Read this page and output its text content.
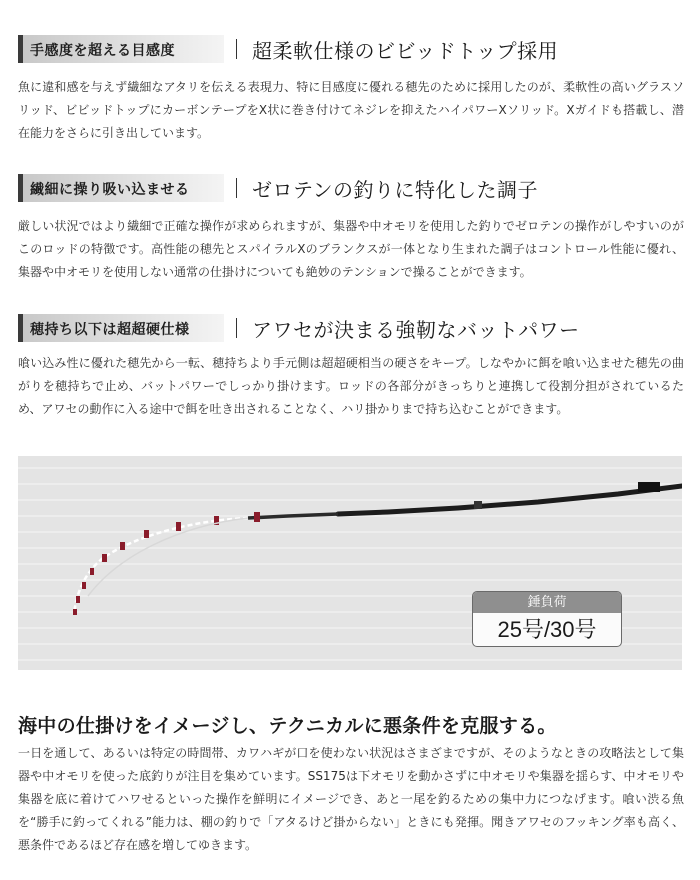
手感度を超える目感度	超柔軟仕様のビビッドトップ採用

魚に違和感を与えず繊細なアタリを伝える表現力、特に目感度に優れる穂先のために採用したのが、柔軟性の高いグラスソリッド、ビビッドトップにカーボンテープをX状に巻き付けてネジレを抑えたハイパワーXソリッド。Xガイドも搭載し、潜在能力をさらに引き出しています。

繊細に操り吸い込ませる	ゼロテンの釣りに特化した調子

厳しい状況ではより繊細で正確な操作が求められますが、集器や中オモリを使用した釣りでゼロテンの操作がしやすいのがこのロッドの特徴です。高性能の穂先とスパイラルXのブランクスが一体となり生まれた調子はコントロール性能に優れ、集器や中オモリを使用しない通常の仕掛けについても絶妙のテンションで操ることができます。

穂持ち以下は超超硬仕様	アワセが決まる強靭なバットパワー

喰い込み性に優れた穂先から一転、穂持ちより手元側は超超硬相当の硬さをキープ。しなやかに餌を喰い込ませた穂先の曲がりを穂持ちで止め、バットパワーでしっかり掛けます。ロッドの各部分がきっちりと連携して役割分担がされているため、アワセの動作に入る途中で餌を吐き出されることなく、ハリ掛かりまで持ち込むことができます。

錘負荷
25号/30号
海中の仕掛けをイメージし、テクニカルに悪条件を克服する。

一日を通して、あるいは特定の時間帯、カワハギが口を使わない状況はさまざまですが、そのようなときの攻略法として集器や中オモリを使った底釣りが注目を集めています。SS175は下オモリを動かさずに中オモリや集器を揺らす、中オモリや集器を底に着けてハワせるといった操作を鮮明にイメージでき、あと一尾を釣るための集中力につなげます。喰い渋る魚を“勝手に釣ってくれる”能力は、棚の釣りで「アタるけど掛からない」ときにも発揮。聞きアワセのフッキング率も高く、悪条件であるほど存在感を増してゆきます。
